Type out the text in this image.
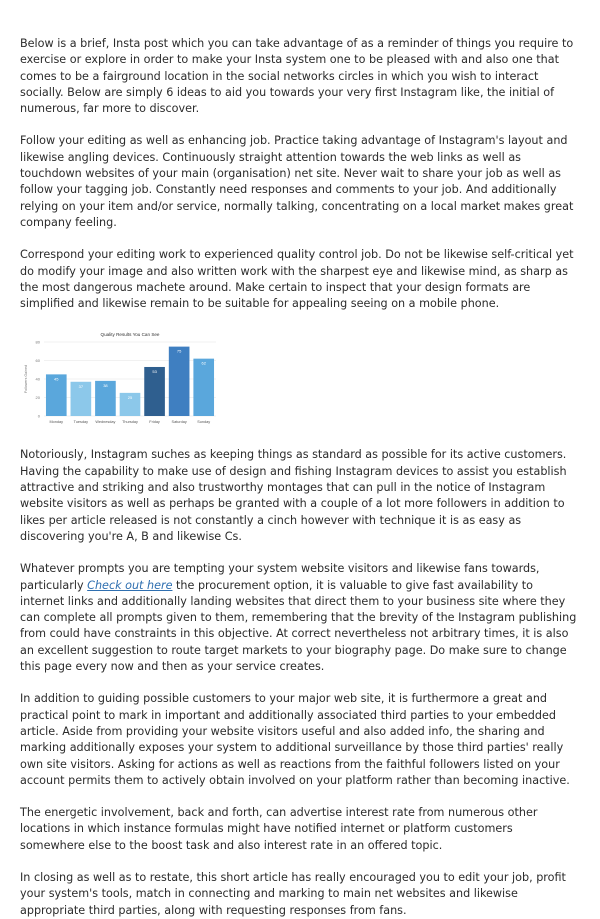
Below is a brief, Insta post which you can take advantage of as a reminder of things you require to exercise or explore in order to make your Insta system one to be pleased with and also one that comes to be a fairground location in the social networks circles in which you wish to interact socially. Below are simply 6 ideas to aid you towards your very first Instagram like, the initial of numerous, far more to discover.

Follow your editing as well as enhancing job. Practice taking advantage of Instagram's layout and likewise angling devices. Continuously straight attention towards the web links as well as touchdown websites of your main (organisation) net site. Never wait to share your job as well as follow your tagging job. Constantly need responses and comments to your job. And additionally relying on your item and/or service, normally talking, concentrating on a local market makes great company feeling.

Correspond your editing work to experienced quality control job. Do not be likewise self-critical yet do modify your image and also written work with the sharpest eye and likewise mind, as sharp as the most dangerous machete around. Make certain to inspect that your design formats are simplified and likewise remain to be suitable for appealing seeing on a mobile phone.

Quality Results You Can See
0
20
40
60
80
Followers Gained	45
Monday
37
Tuesday
38
Wednesday
25
Thursday
53
Friday
75
Saturday
62
Sunday

Notoriously, Instagram suches as keeping things as standard as possible for its active customers. Having the capability to make use of design and fishing Instagram devices to assist you establish attractive and striking and also trustworthy montages that can pull in the notice of Instagram website visitors as well as perhaps be granted with a couple of a lot more followers in addition to likes per article released is not constantly a cinch however with technique it is as easy as discovering you're A, B and likewise Cs.

Whatever prompts you are tempting your system website visitors and likewise fans towards, particularly Check out here the procurement option, it is valuable to give fast availability to internet links and additionally landing websites that direct them to your business site where they can complete all prompts given to them, remembering that the brevity of the Instagram publishing from could have constraints in this objective. At correct nevertheless not arbitrary times, it is also an excellent suggestion to route target markets to your biography page. Do make sure to change this page every now and then as your service creates.

In addition to guiding possible customers to your major web site, it is furthermore a great and practical point to mark in important and additionally associated third parties to your embedded article. Aside from providing your website visitors useful and also added info, the sharing and marking additionally exposes your system to additional surveillance by those third parties' really own site visitors. Asking for actions as well as reactions from the faithful followers listed on your account permits them to actively obtain involved on your platform rather than becoming inactive.

The energetic involvement, back and forth, can advertise interest rate from numerous other locations in which instance formulas might have notified internet or platform customers somewhere else to the boost task and also interest rate in an offered topic.

In closing as well as to restate, this short article has really encouraged you to edit your job, profit your system's tools, match in connecting and marking to main net websites and likewise appropriate third parties, along with requesting responses from fans.
